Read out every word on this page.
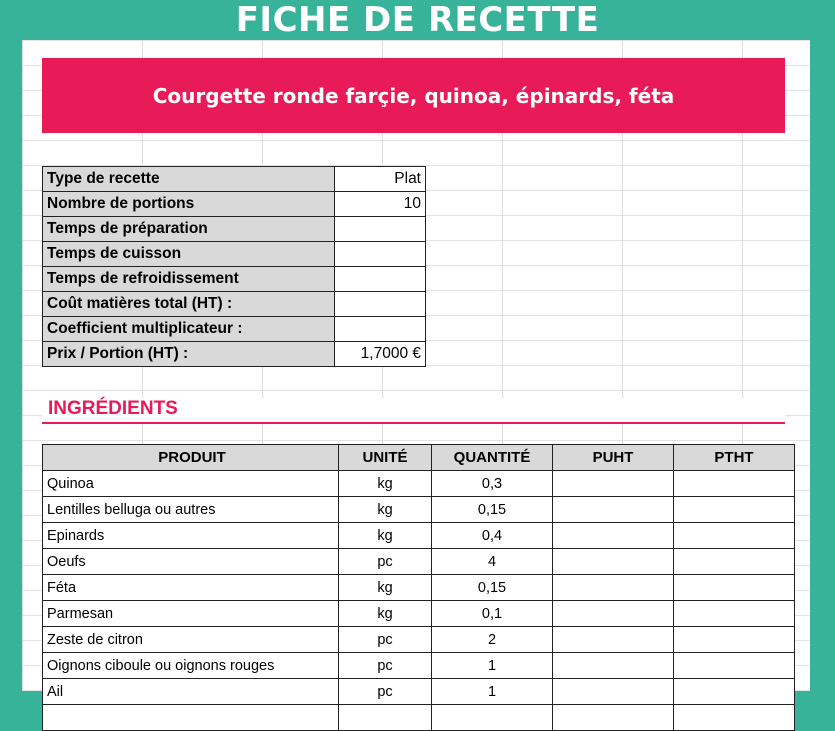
FICHE DE RECETTE
Courgette ronde farçie, quinoa, épinards, féta
Type de recette	Plat
Nombre de portions	10
Temps de préparation	
Temps de cuisson	
Temps de refroidissement	
Coût matières total (HT) :	
Coefficient multiplicateur :	
Prix / Portion (HT) :	1,7000 €
INGRÉDIENTS
PRODUIT	UNITÉ	QUANTITÉ	PUHT	PTHT
Quinoa	kg	0,3		
Lentilles belluga ou autres	kg	0,15		
Epinards	kg	0,4		
Oeufs	pc	4		
Féta	kg	0,15		
Parmesan	kg	0,1		
Zeste de citron	pc	2		
Oignons ciboule ou oignons rouges	pc	1		
Ail	pc	1		
